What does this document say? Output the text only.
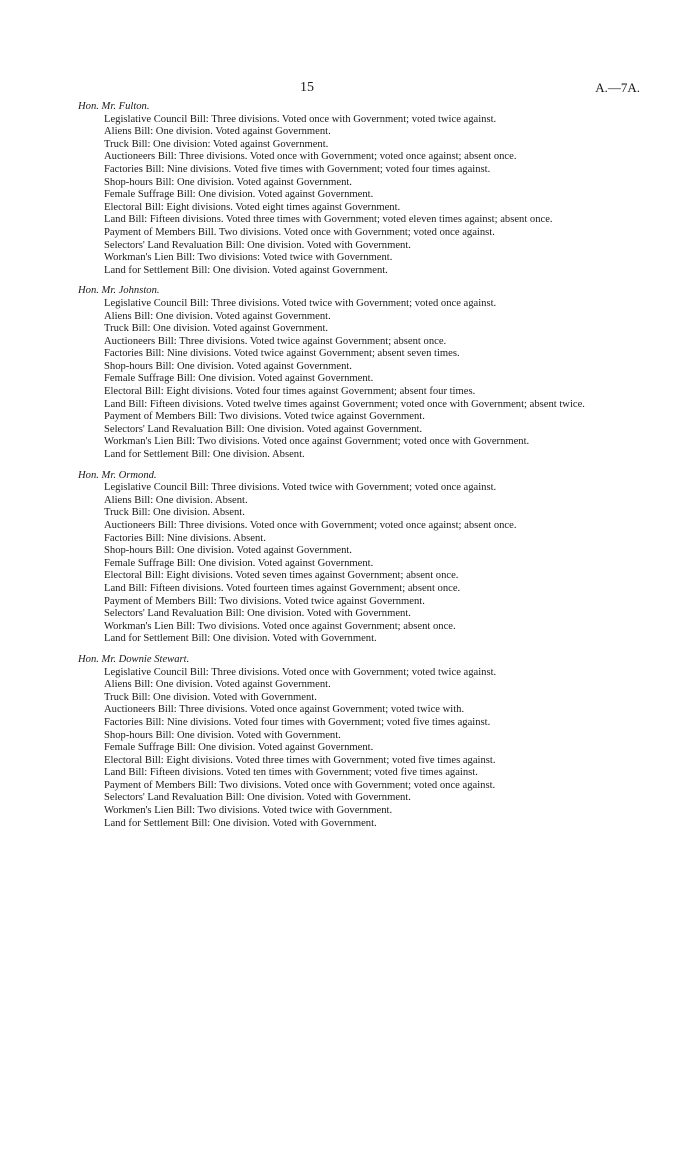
15	A.—7A.
Hon. Mr. Fulton.
Legislative Council Bill: Three divisions. Voted once with Government; voted twice against.
Aliens Bill: One division. Voted against Government.
Truck Bill: One division: Voted against Government.
Auctioneers Bill: Three divisions. Voted once with Government; voted once against; absent once.
Factories Bill: Nine divisions. Voted five times with Government; voted four times against.
Shop-hours Bill: One division. Voted against Government.
Female Suffrage Bill: One division. Voted against Government.
Electoral Bill: Eight divisions. Voted eight times against Government.
Land Bill: Fifteen divisions. Voted three times with Government; voted eleven times against; absent once.
Payment of Members Bill. Two divisions. Voted once with Government; voted once against.
Selectors' Land Revaluation Bill: One division. Voted with Government.
Workman's Lien Bill: Two divisions: Voted twice with Government.
Land for Settlement Bill: One division. Voted against Government.
Hon. Mr. Johnston.
Legislative Council Bill: Three divisions. Voted twice with Government; voted once against.
Aliens Bill: One division. Voted against Government.
Truck Bill: One division. Voted against Government.
Auctioneers Bill: Three divisions. Voted twice against Government; absent once.
Factories Bill: Nine divisions. Voted twice against Government; absent seven times.
Shop-hours Bill: One division. Voted against Government.
Female Suffrage Bill: One division. Voted against Government.
Electoral Bill: Eight divisions. Voted four times against Government; absent four times.
Land Bill: Fifteen divisions. Voted twelve times against Government; voted once with Government; absent twice.
Payment of Members Bill: Two divisions. Voted twice against Government.
Selectors' Land Revaluation Bill: One division. Voted against Government.
Workman's Lien Bill: Two divisions. Voted once against Government; voted once with Government.
Land for Settlement Bill: One division. Absent.
Hon. Mr. Ormond.
Legislative Council Bill: Three divisions. Voted twice with Government; voted once against.
Aliens Bill: One division. Absent.
Truck Bill: One division. Absent.
Auctioneers Bill: Three divisions. Voted once with Government; voted once against; absent once.
Factories Bill: Nine divisions. Absent.
Shop-hours Bill: One division. Voted against Government.
Female Suffrage Bill: One division. Voted against Government.
Electoral Bill: Eight divisions. Voted seven times against Government; absent once.
Land Bill: Fifteen divisions. Voted fourteen times against Government; absent once.
Payment of Members Bill: Two divisions. Voted twice against Government.
Selectors' Land Revaluation Bill: One division. Voted with Government.
Workman's Lien Bill: Two divisions. Voted once against Government; absent once.
Land for Settlement Bill: One division. Voted with Government.
Hon. Mr. Downie Stewart.
Legislative Council Bill: Three divisions. Voted once with Government; voted twice against.
Aliens Bill: One division. Voted against Government.
Truck Bill: One division. Voted with Government.
Auctioneers Bill: Three divisions. Voted once against Government; voted twice with.
Factories Bill: Nine divisions. Voted four times with Government; voted five times against.
Shop-hours Bill: One division. Voted with Government.
Female Suffrage Bill: One division. Voted against Government.
Electoral Bill: Eight divisions. Voted three times with Government; voted five times against.
Land Bill: Fifteen divisions. Voted ten times with Government; voted five times against.
Payment of Members Bill: Two divisions. Voted once with Government; voted once against.
Selectors' Land Revaluation Bill: One division. Voted with Government.
Workmen's Lien Bill: Two divisions. Voted twice with Government.
Land for Settlement Bill: One division. Voted with Government.
